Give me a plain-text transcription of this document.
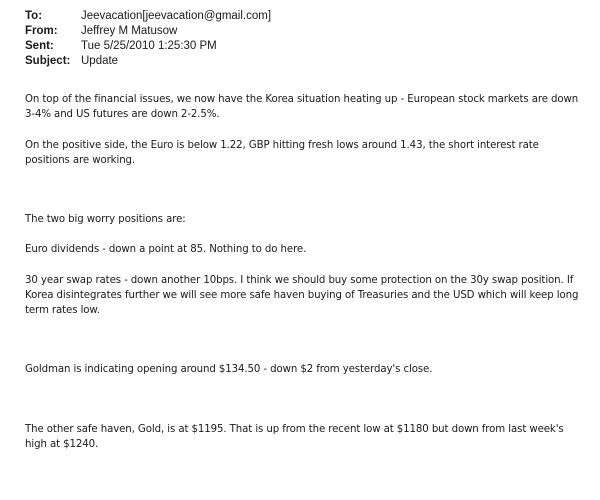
To:	Jeevacation[jeevacation@gmail.com]
From:	Jeffrey M Matusow
Sent:	Tue 5/25/2010 1:25:30 PM
Subject: Update

On top of the financial issues, we now have the Korea situation heating up - European stock markets are down 3-4% and US futures are down 2-2.5%.

On the positive side, the Euro is below 1.22, GBP hitting fresh lows around 1.43, the short interest rate positions are working.

The two big worry positions are:

Euro dividends - down a point at 85. Nothing to do here.

30 year swap rates - down another 10bps. I think we should buy some protection on the 30y swap position. If Korea disintegrates further we will see more safe haven buying of Treasuries and the USD which will keep long term rates low.

Goldman is indicating opening around $134.50 - down $2 from yesterday's close.

The other safe haven, Gold, is at $1195. That is up from the recent low at $1180 but down from last week's high at $1240.
